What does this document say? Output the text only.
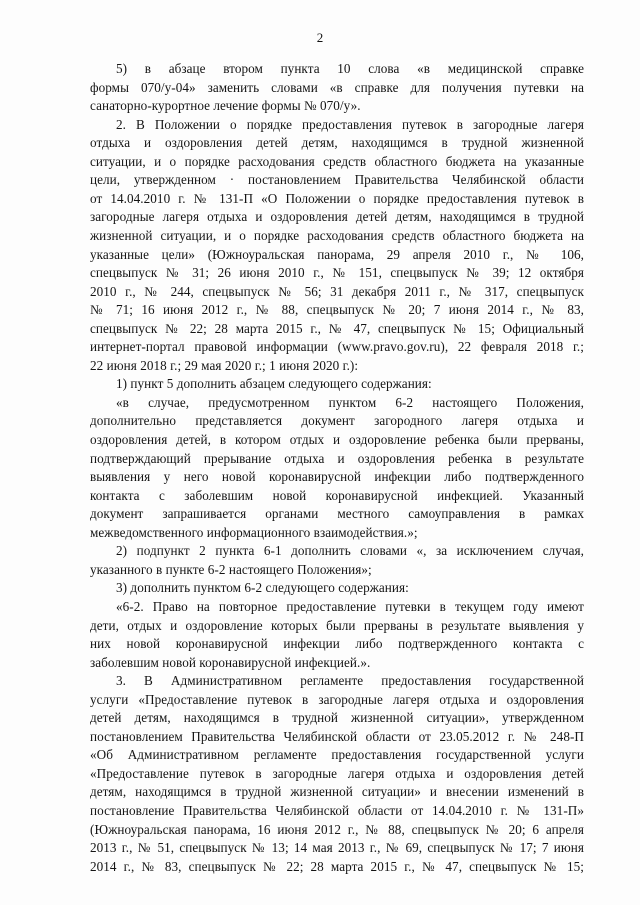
2
5) в абзаце втором пункта 10 слова «в медицинской справке
формы 070/у-04» заменить словами «в справке для получения путевки на
санаторно-курортное лечение формы № 070/у».
2. В Положении о порядке предоставления путевок в загородные лагеря
отдыха и оздоровления детей детям, находящимся в трудной жизненной
ситуации, и о порядке расходования средств областного бюджета на указанные
цели, утвержденном · постановлением Правительства Челябинской области
от 14.04.2010 г. № 131-П «О Положении о порядке предоставления путевок в
загородные лагеря отдыха и оздоровления детей детям, находящимся в трудной
жизненной ситуации, и о порядке расходования средств областного бюджета на
указанные цели» (Южноуральская панорама, 29 апреля 2010 г., № 106,
спецвыпуск № 31; 26 июня 2010 г., № 151, спецвыпуск № 39; 12 октября
2010 г., № 244, спецвыпуск № 56; 31 декабря 2011 г., № 317, спецвыпуск
№ 71; 16 июня 2012 г., № 88, спецвыпуск № 20; 7 июня 2014 г., № 83,
спецвыпуск № 22; 28 марта 2015 г., № 47, спецвыпуск № 15; Официальный
интернет-портал правовой информации (www.pravo.gov.ru), 22 февраля 2018 г.;
22 июня 2018 г.; 29 мая 2020 г.; 1 июня 2020 г.):
1) пункт 5 дополнить абзацем следующего содержания:
«в случае, предусмотренном пунктом 6-2 настоящего Положения,
дополнительно представляется документ загородного лагеря отдыха и
оздоровления детей, в котором отдых и оздоровление ребенка были прерваны,
подтверждающий прерывание отдыха и оздоровления ребенка в результате
выявления у него новой коронавирусной инфекции либо подтвержденного
контакта с заболевшим новой коронавирусной инфекцией. Указанный
документ запрашивается органами местного самоуправления в рамках
межведомственного информационного взаимодействия.»;
2) подпункт 2 пункта 6-1 дополнить словами «, за исключением случая,
указанного в пункте 6-2 настоящего Положения»;
3) дополнить пунктом 6-2 следующего содержания:
«6-2. Право на повторное предоставление путевки в текущем году имеют
дети, отдых и оздоровление которых были прерваны в результате выявления у
них новой коронавирусной инфекции либо подтвержденного контакта с
заболевшим новой коронавирусной инфекцией.».
3. В Административном регламенте предоставления государственной
услуги «Предоставление путевок в загородные лагеря отдыха и оздоровления
детей детям, находящимся в трудной жизненной ситуации», утвержденном
постановлением Правительства Челябинской области от 23.05.2012 г. № 248-П
«Об Административном регламенте предоставления государственной услуги
«Предоставление путевок в загородные лагеря отдыха и оздоровления детей
детям, находящимся в трудной жизненной ситуации» и внесении изменений в
постановление Правительства Челябинской области от 14.04.2010 г. № 131-П»
(Южноуральская панорама, 16 июня 2012 г., № 88, спецвыпуск № 20; 6 апреля
2013 г., № 51, спецвыпуск № 13; 14 мая 2013 г., № 69, спецвыпуск № 17; 7 июня
2014 г., № 83, спецвыпуск № 22; 28 марта 2015 г., № 47, спецвыпуск № 15;
